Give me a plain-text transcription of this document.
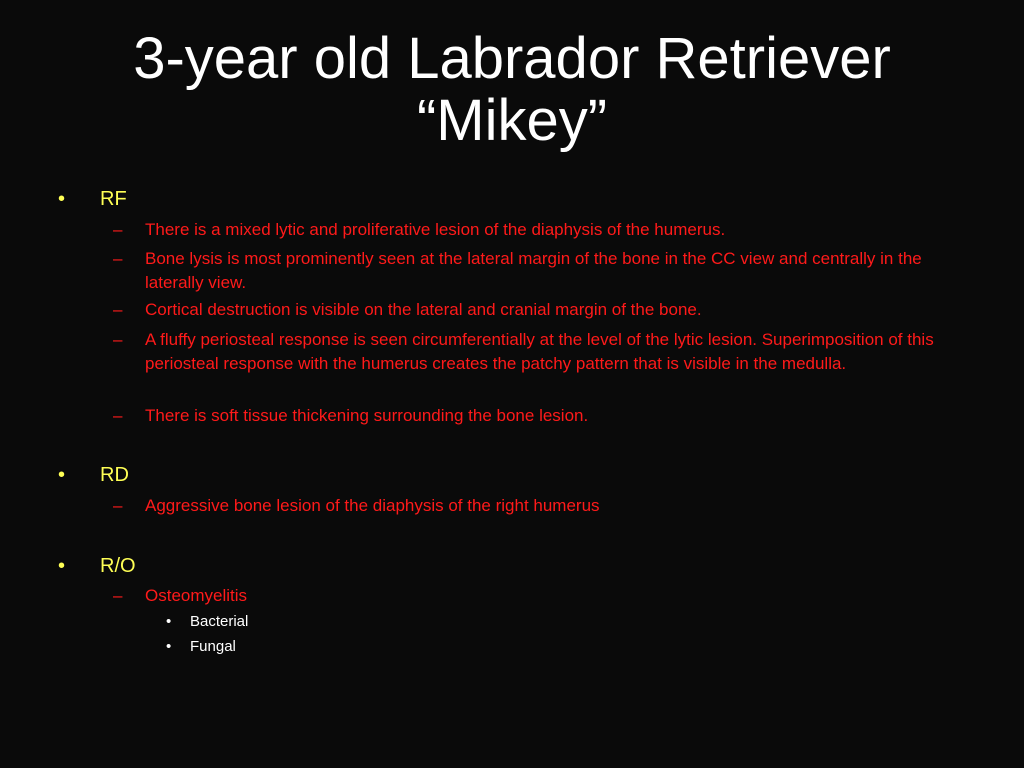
3-year old Labrador Retriever
“Mikey”
• RF
– There is a mixed lytic and proliferative lesion of the diaphysis of the humerus.
– Bone lysis is most prominently seen at the lateral margin of the bone in the CC view and centrally in the laterally view.
– Cortical destruction is visible on the lateral and cranial margin of the bone.
– A fluffy periosteal response is seen circumferentially at the level of the lytic lesion. Superimposition of this periosteal response with the humerus creates the patchy pattern that is visible in the medulla.
– There is soft tissue thickening surrounding the bone lesion.
• RD
– Aggressive bone lesion of the diaphysis of the right humerus
• R/O
– Osteomyelitis
• Bacterial
• Fungal
